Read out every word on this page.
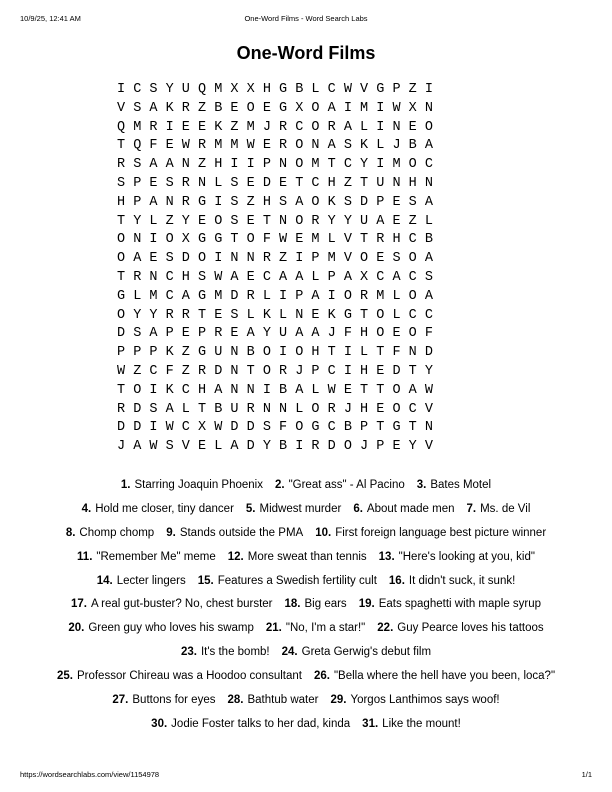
10/9/25, 12:41 AM	One-Word Films - Word Search Labs
One-Word Films
I C S Y U Q M X X H G B L C W V G P Z I
V S A K R Z B E O E G X O A I M I W X N
Q M R I E E K Z M J R C O R A L I N E O
T Q F E W R M M W E R O N A S K L J B A
R S A A N Z H I I P N O M T C Y I M O C
S P E S R N L S E D E T C H Z T U N H N
H P A N R G I S Z H S A O K S D P E S A
T Y L Z Y E O S E T N O R Y Y U A E Z L
O N I O X G G T O F W E M L V T R H C B
O A E S D O I N N R Z I P M V O E S O A
T R N C H S W A E C A A L P A X C A C S
G L M C A G M D R L I P A I O R M L O A
O Y Y R R T E S L K L N E K G T O L C C
D S A P E P R E A Y U A A J F H O E O F
P P P K Z G U N B O I O H T I L T F N D
W Z C F Z R D N T O R J P C I H E D T Y
T O I K C H A N N I B A L W E T T O A W
R D S A L T B U R N N L O R J H E O C V
D D I W C X W D D S F O G C B P T G T N
J A W S V E L A D Y B I R D O J P E Y V
1. Starring Joaquin Phoenix 2. "Great ass" - Al Pacino 3. Bates Motel
4. Hold me closer, tiny dancer 5. Midwest murder 6. About made men 7. Ms. de Vil
8. Chomp chomp 9. Stands outside the PMA 10. First foreign language best picture winner
11. "Remember Me" meme 12. More sweat than tennis 13. "Here's looking at you, kid"
14. Lecter lingers 15. Features a Swedish fertility cult 16. It didn't suck, it sunk!
17. A real gut-buster? No, chest burster 18. Big ears 19. Eats spaghetti with maple syrup
20. Green guy who loves his swamp 21. "No, I'm a star!" 22. Guy Pearce loves his tattoos
23. It's the bomb! 24. Greta Gerwig's debut film
25. Professor Chireau was a Hoodoo consultant 26. "Bella where the hell have you been, loca?"
27. Buttons for eyes 28. Bathtub water 29. Yorgos Lanthimos says woof!
30. Jodie Foster talks to her dad, kinda 31. Like the mount!
https://wordsearchlabs.com/view/1154978	1/1
